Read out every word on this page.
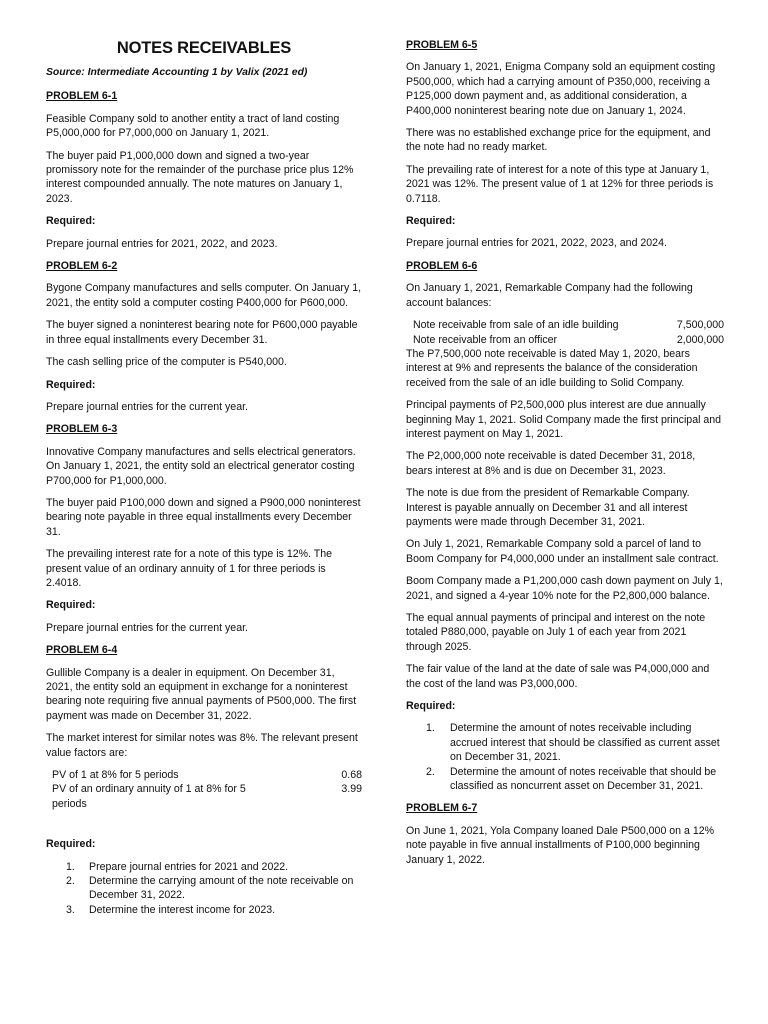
NOTES RECEIVABLES
Source: Intermediate Accounting 1 by Valix (2021 ed)
PROBLEM 6-1

Feasible Company sold to another entity a tract of land costing P5,000,000 for P7,000,000 on January 1, 2021.

The buyer paid P1,000,000 down and signed a two-year promissory note for the remainder of the purchase price plus 12% interest compounded annually. The note matures on January 1, 2023.

Required:

Prepare journal entries for 2021, 2022, and 2023.

PROBLEM 6-2

Bygone Company manufactures and sells computer. On January 1, 2021, the entity sold a computer costing P400,000 for P600,000.

The buyer signed a noninterest bearing note for P600,000 payable in three equal installments every December 31.

The cash selling price of the computer is P540,000.

Required:

Prepare journal entries for the current year.

PROBLEM 6-3

Innovative Company manufactures and sells electrical generators. On January 1, 2021, the entity sold an electrical generator costing P700,000 for P1,000,000.

The buyer paid P100,000 down and signed a P900,000 noninterest bearing note payable in three equal installments every December 31.

The prevailing interest rate for a note of this type is 12%. The present value of an ordinary annuity of 1 for three periods is 2.4018.

Required:

Prepare journal entries for the current year.

PROBLEM 6-4

Gullible Company is a dealer in equipment. On December 31, 2021, the entity sold an equipment in exchange for a noninterest bearing note requiring five annual payments of P500,000. The first payment was made on December 31, 2022.

The market interest for similar notes was 8%. The relevant present value factors are:

PV of 1 at 8% for 5 periods	0.68
PV of an ordinary annuity of 1 at 8% for 5 periods
3.99
Required:
1.	Prepare journal entries for 2021 and 2022.
2.	Determine the carrying amount of the note receivable on December 31, 2022.
3.	Determine the interest income for 2023.
PROBLEM 6-5

On January 1, 2021, Enigma Company sold an equipment costing P500,000, which had a carrying amount of P350,000, receiving a P125,000 down payment and, as additional consideration, a P400,000 noninterest bearing note due on January 1, 2024.

There was no established exchange price for the equipment, and the note had no ready market.

The prevailing rate of interest for a note of this type at January 1, 2021 was 12%. The present value of 1 at 12% for three periods is 0.7118.

Required:

Prepare journal entries for 2021, 2022, 2023, and 2024.

PROBLEM 6-6

On January 1, 2021, Remarkable Company had the following account balances:

Note receivable from sale of an idle building	7,500,000
Note receivable from an officer	2,000,000

The P7,500,000 note receivable is dated May 1, 2020, bears interest at 9% and represents the balance of the consideration received from the sale of an idle building to Solid Company.

Principal payments of P2,500,000 plus interest are due annually beginning May 1, 2021. Solid Company made the first principal and interest payment on May 1, 2021.

The P2,000,000 note receivable is dated December 31, 2018, bears interest at 8% and is due on December 31, 2023.

The note is due from the president of Remarkable Company. Interest is payable annually on December 31 and all interest payments were made through December 31, 2021.

On July 1, 2021, Remarkable Company sold a parcel of land to Boom Company for P4,000,000 under an installment sale contract.

Boom Company made a P1,200,000 cash down payment on July 1, 2021, and signed a 4-year 10% note for the P2,800,000 balance.

The equal annual payments of principal and interest on the note totaled P880,000, payable on July 1 of each year from 2021 through 2025.

The fair value of the land at the date of sale was P4,000,000 and the cost of the land was P3,000,000.

Required:
1.	Determine the amount of notes receivable including accrued interest that should be classified as current asset on December 31, 2021.
2.	Determine the amount of notes receivable that should be classified as noncurrent asset on December 31, 2021.
PROBLEM 6-7

On June 1, 2021, Yola Company loaned Dale P500,000 on a 12% note payable in five annual installments of P100,000 beginning January 1, 2022.
